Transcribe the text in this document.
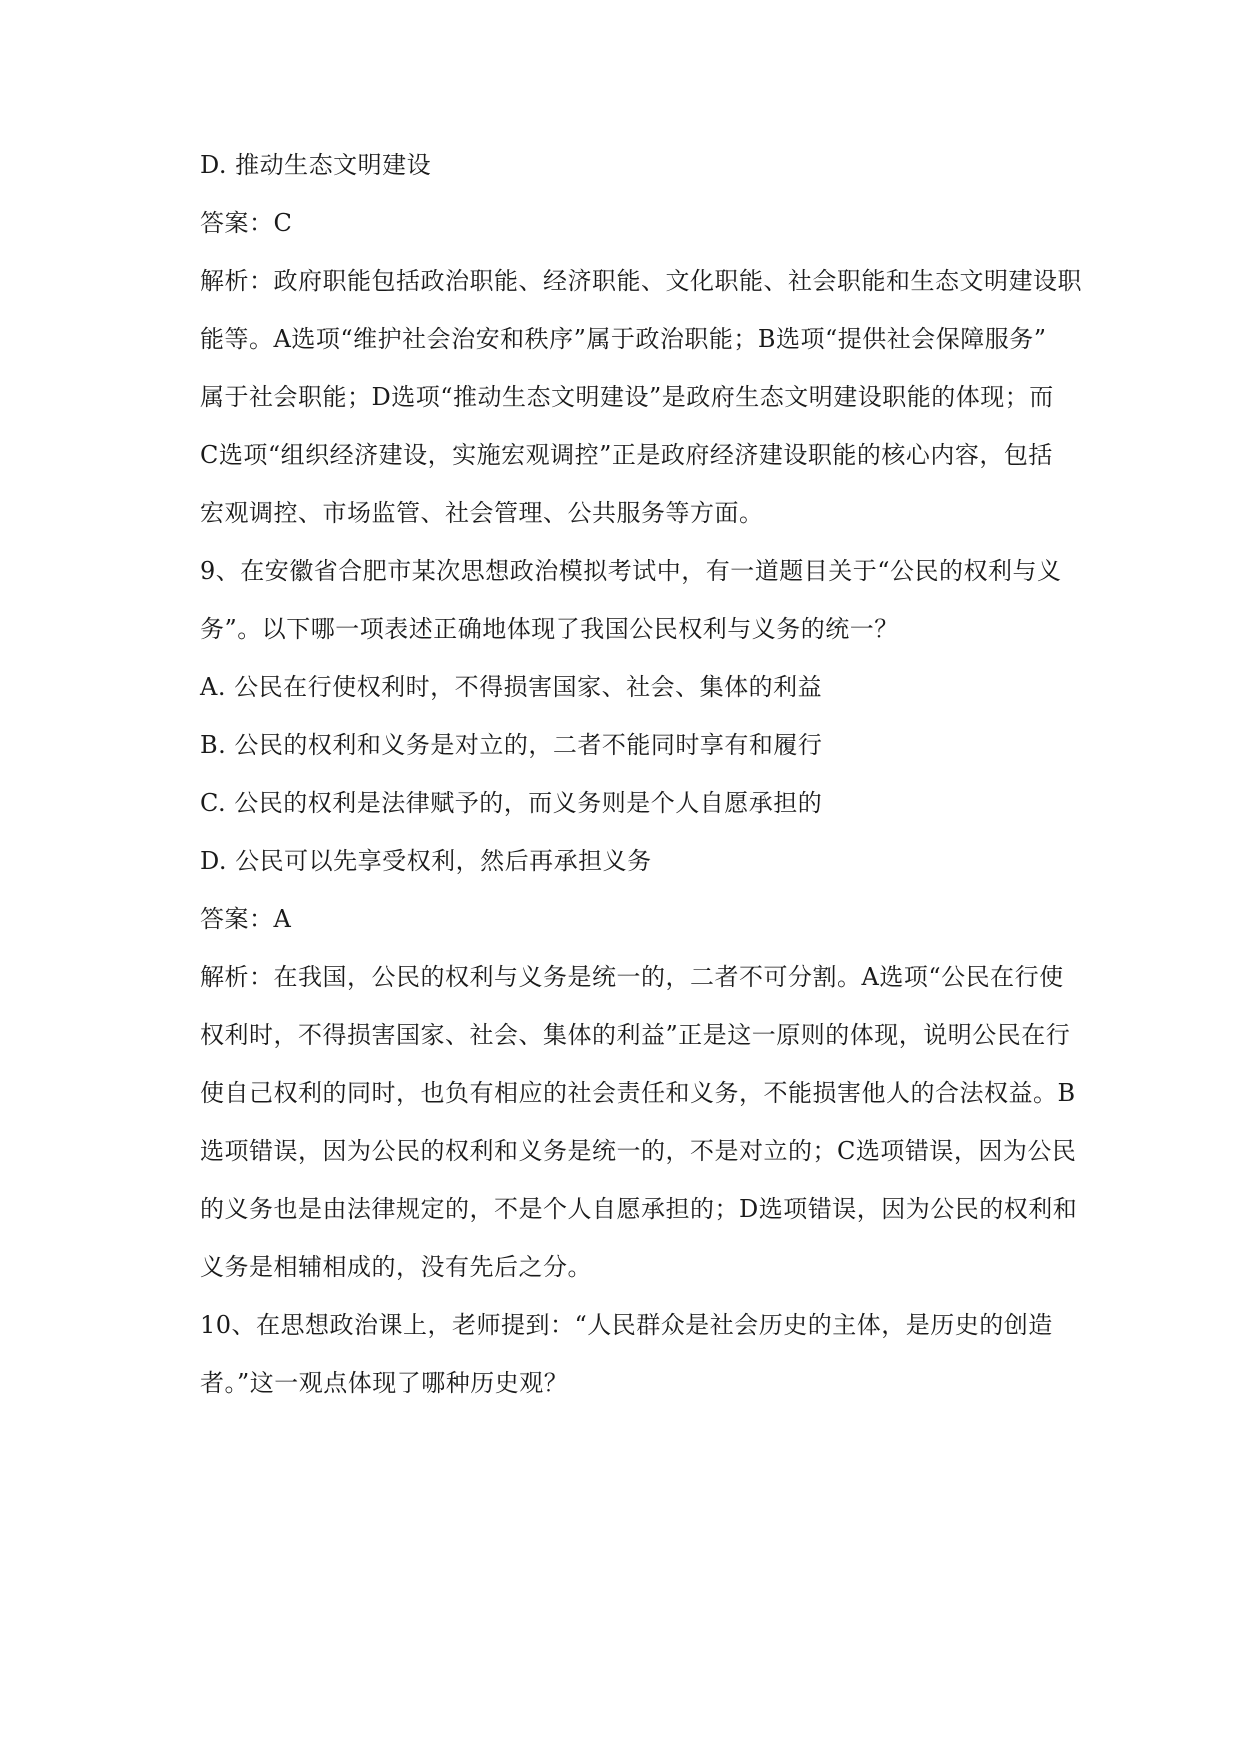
D. 推动生态文明建设
答案：C
解析：政府职能包括政治职能、经济职能、文化职能、社会职能和生态文明建设职
能等。A选项“维护社会治安和秩序”属于政治职能；B选项“提供社会保障服务”
属于社会职能；D选项“推动生态文明建设”是政府生态文明建设职能的体现；而
C选项“组织经济建设，实施宏观调控”正是政府经济建设职能的核心内容，包括
宏观调控、市场监管、社会管理、公共服务等方面。
9、在安徽省合肥市某次思想政治模拟考试中，有一道题目关于“公民的权利与义
务”。以下哪一项表述正确地体现了我国公民权利与义务的统一？
A. 公民在行使权利时，不得损害国家、社会、集体的利益
B. 公民的权利和义务是对立的，二者不能同时享有和履行
C. 公民的权利是法律赋予的，而义务则是个人自愿承担的
D. 公民可以先享受权利，然后再承担义务
答案：A
解析：在我国，公民的权利与义务是统一的，二者不可分割。A选项“公民在行使
权利时，不得损害国家、社会、集体的利益”正是这一原则的体现，说明公民在行
使自己权利的同时，也负有相应的社会责任和义务，不能损害他人的合法权益。B
选项错误，因为公民的权利和义务是统一的，不是对立的；C选项错误，因为公民
的义务也是由法律规定的，不是个人自愿承担的；D选项错误，因为公民的权利和
义务是相辅相成的，没有先后之分。
10、在思想政治课上，老师提到：“人民群众是社会历史的主体，是历史的创造
者。”这一观点体现了哪种历史观？
